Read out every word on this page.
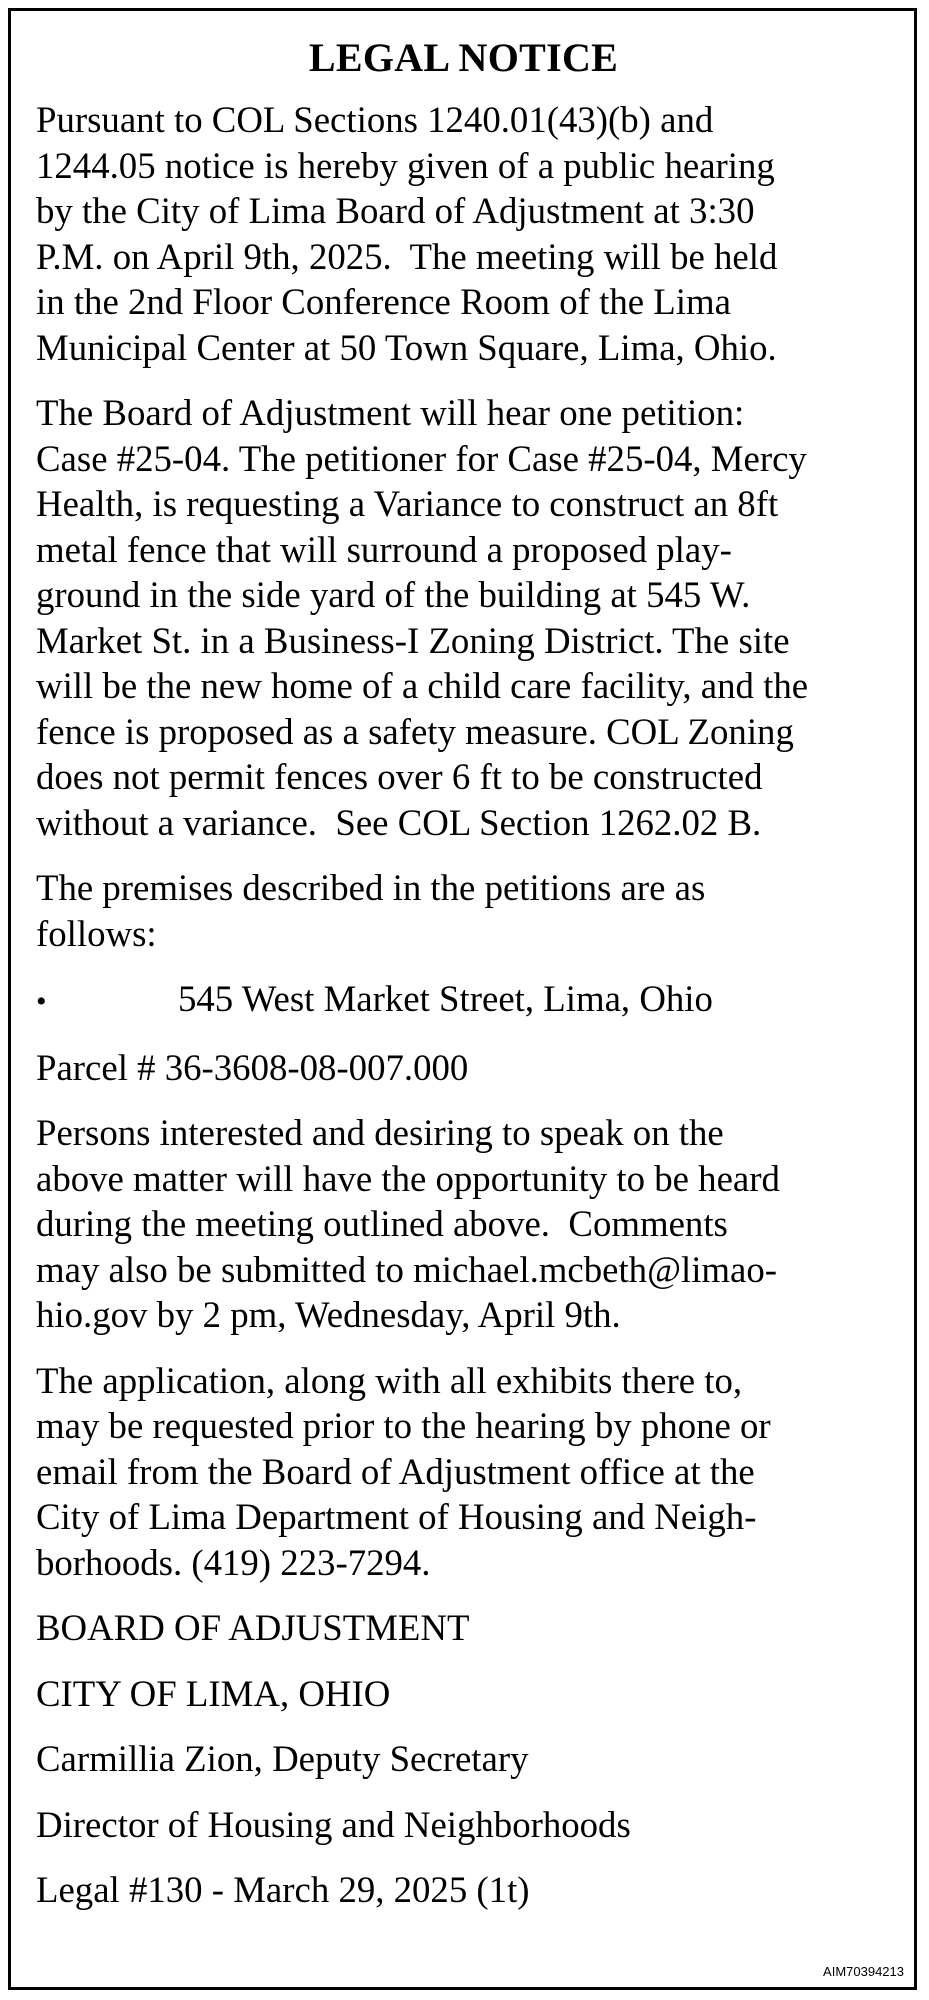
LEGAL NOTICE
Pursuant to COL Sections 1240.01(43)(b) and
1244.05 notice is hereby given of a public hearing
by the City of Lima Board of Adjustment at 3:30
P.M. on April 9th, 2025.  The meeting will be held
in the 2nd Floor Conference Room of the Lima
Municipal Center at 50 Town Square, Lima, Ohio.
The Board of Adjustment will hear one petition:
Case #25-04. The petitioner for Case #25-04, Mercy
Health, is requesting a Variance to construct an 8ft
metal fence that will surround a proposed play-
ground in the side yard of the building at 545 W.
Market St. in a Business-I Zoning District. The site
will be the new home of a child care facility, and the
fence is proposed as a safety measure. COL Zoning
does not permit fences over 6 ft to be constructed
without a variance.  See COL Section 1262.02 B.
The premises described in the petitions are as
follows:
•	545 West Market Street, Lima, Ohio
Parcel # 36-3608-08-007.000
Persons interested and desiring to speak on the
above matter will have the opportunity to be heard
during the meeting outlined above.  Comments
may also be submitted to michael.mcbeth@limao-
hio.gov by 2 pm, Wednesday, April 9th.
The application, along with all exhibits there to,
may be requested prior to the hearing by phone or
email from the Board of Adjustment office at the
City of Lima Department of Housing and Neigh-
borhoods. (419) 223-7294.
BOARD OF ADJUSTMENT
CITY OF LIMA, OHIO
Carmillia Zion, Deputy Secretary
Director of Housing and Neighborhoods
Legal #130 - March 29, 2025 (1t)
AIM70394213
